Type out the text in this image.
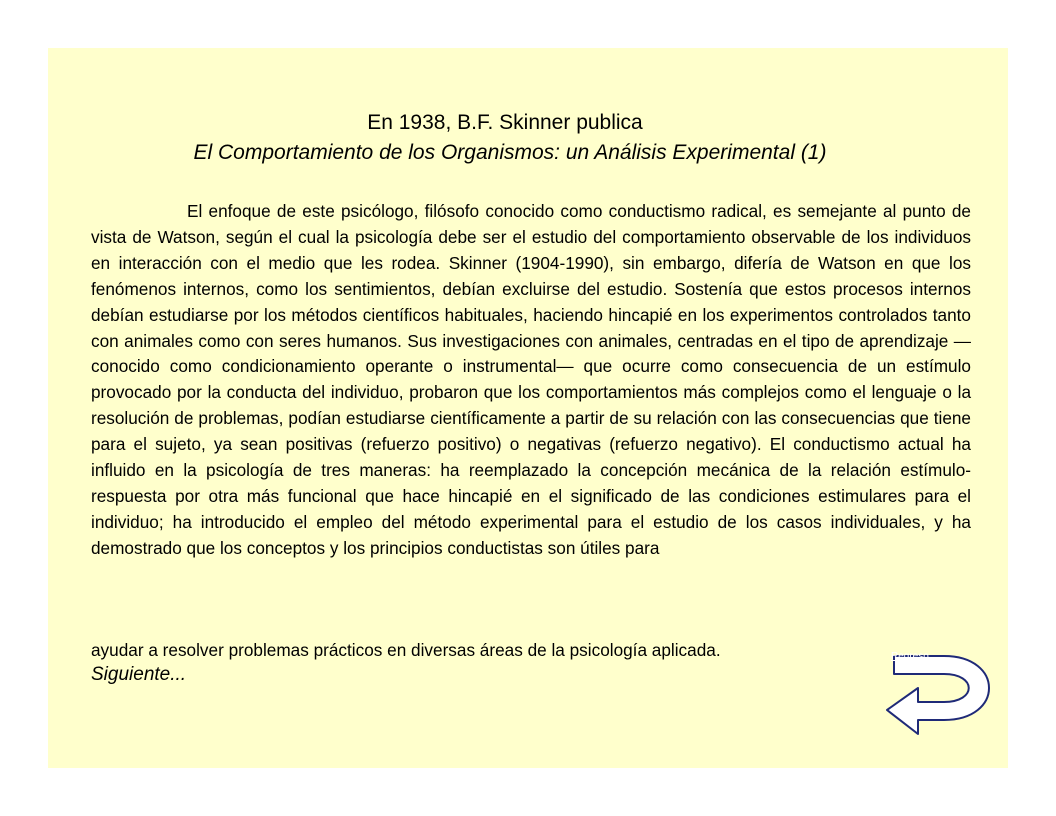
En 1938, B.F. Skinner publica

El Comportamiento de los Organismos: un Análisis Experimental (1)

El enfoque de este psicólogo, filósofo conocido como conductismo radical, es semejante al punto de vista de Watson, según el cual la psicología debe ser el estudio del comportamiento observable de los individuos en interacción con el medio que les rodea. Skinner (1904-1990), sin embargo, difería de Watson en que los fenómenos internos, como los sentimientos, debían excluirse del estudio. Sostenía que estos procesos internos debían estudiarse por los métodos científicos habituales, haciendo hincapié en los experimentos controlados tanto con animales como con seres humanos. Sus investigaciones con animales, centradas en el tipo de aprendizaje —conocido como condicionamiento operante o instrumental— que ocurre como consecuencia de un estímulo provocado por la conducta del individuo, probaron que los comportamientos más complejos como el lenguaje o la resolución de problemas, podían estudiarse científicamente a partir de su relación con las consecuencias que tiene para el sujeto, ya sean positivas (refuerzo positivo) o negativas (refuerzo negativo). El conductismo actual ha influido en la psicología de tres maneras: ha reemplazado la concepción mecánica de la relación estímulo-respuesta por otra más funcional que hace hincapié en el significado de las condiciones estimulares para el individuo; ha introducido el empleo del método experimental para el estudio de los casos individuales, y ha demostrado que los conceptos y los principios conductistas son útiles para

ayudar a resolver problemas prácticos en diversas áreas de la psicología aplicada.

Siguiente...

Regreso
